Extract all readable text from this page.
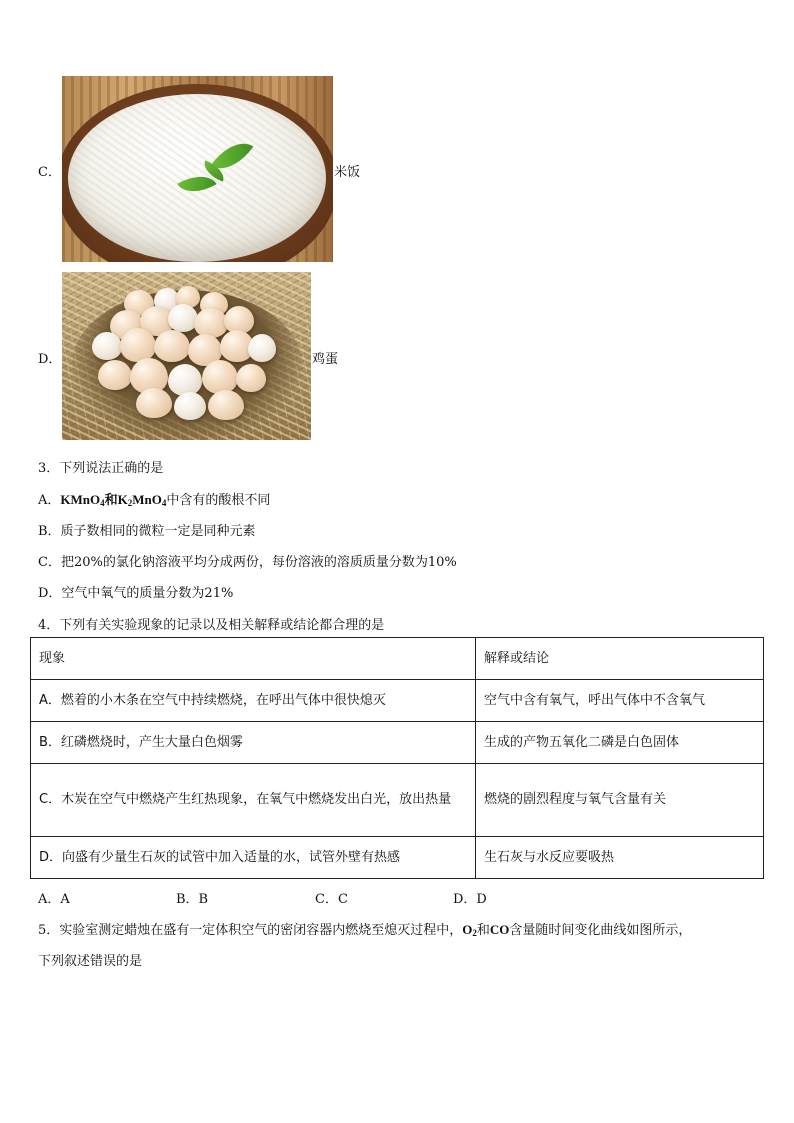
C．	米饭
D．	鸡蛋
3．下列说法正确的是
A．KMnO$_4$和$K_2MnO_4$中含有的酸根不同
B．质子数相同的微粒一定是同种元素
C．把20%的氯化钠溶液平均分成两份，每份溶液的溶质质量分数为10%
D．空气中氧气的质量分数为21%
4．下列有关实验现象的记录以及相关解释或结论都合理的是
现象	解释或结论
A．燃着的小木条在空气中持续燃烧，在呼出气体中很快熄灭	空气中含有氧气，呼出气体中不含氧气
B．红磷燃烧时，产生大量白色烟雾	生成的产物五氧化二磷是白色固体
C．木炭在空气中燃烧产生红热现象，在氧气中燃烧发出白光，放出热量	燃烧的剧烈程度与氧气含量有关
D．向盛有少量生石灰的试管中加入适量的水，试管外壁有热感	生石灰与水反应要吸热
A．A	B．B	C．C	D．D
5．实验室测定蜡烛在盛有一定体积空气的密闭容器内燃烧至熄灭过程中，$O_2$和CO含量随时间变化曲线如图所示，
下列叙述错误的是
